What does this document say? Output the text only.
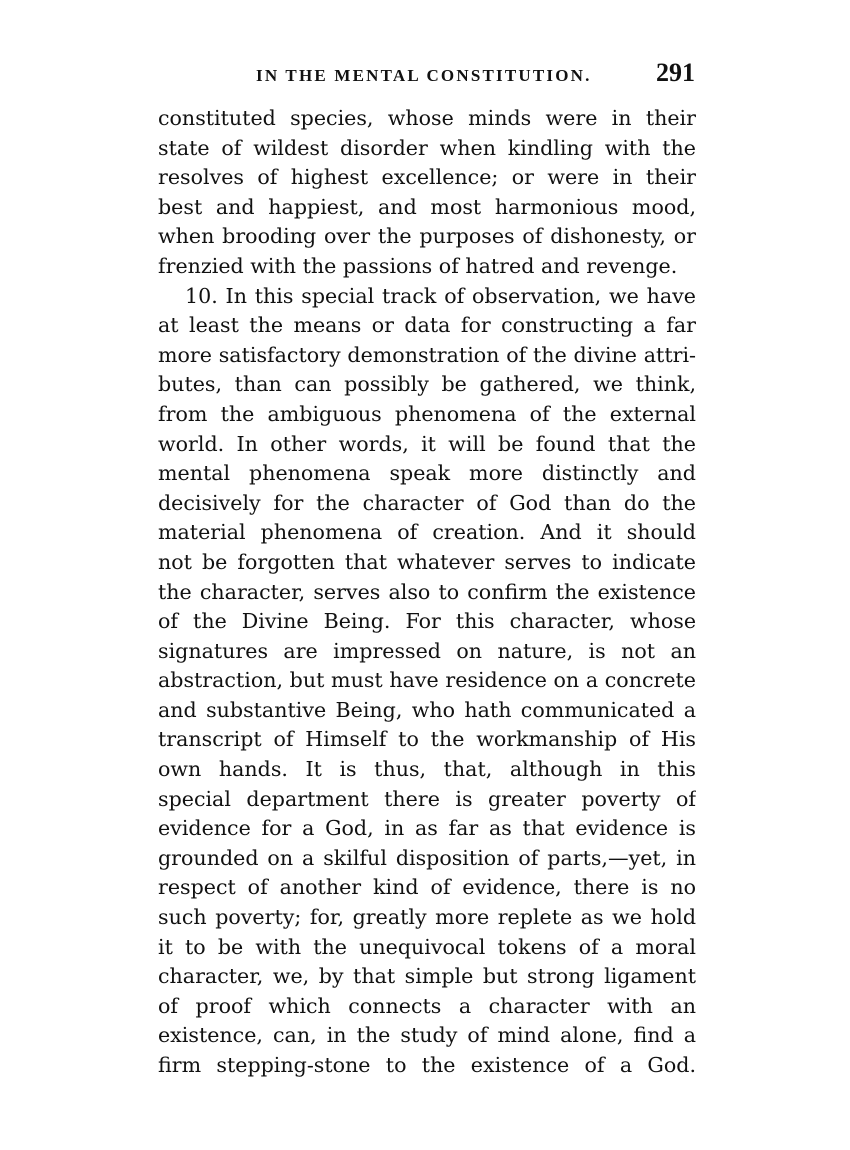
IN THE MENTAL CONSTITUTION. 291
constituted species, whose minds were in their
state of wildest disorder when kindling with the
resolves of highest excellence; or were in their
best and happiest, and most harmonious mood,
when brooding over the purposes of dishonesty, or
frenzied with the passions of hatred and revenge.
10. In this special track of observation, we have
at least the means or data for constructing a far
more satisfactory demonstration of the divine attri-
butes, than can possibly be gathered, we think,
from the ambiguous phenomena of the external
world. In other words, it will be found that the
mental phenomena speak more distinctly and
decisively for the character of God than do the
material phenomena of creation. And it should
not be forgotten that whatever serves to indicate
the character, serves also to confirm the existence
of the Divine Being. For this character, whose
signatures are impressed on nature, is not an
abstraction, but must have residence on a concrete
and substantive Being, who hath communicated a
transcript of Himself to the workmanship of His
own hands. It is thus, that, although in this
special department there is greater poverty of
evidence for a God, in as far as that evidence is
grounded on a skilful disposition of parts,—yet, in
respect of another kind of evidence, there is no
such poverty; for, greatly more replete as we hold
it to be with the unequivocal tokens of a moral
character, we, by that simple but strong ligament
of proof which connects a character with an
existence, can, in the study of mind alone, find a
firm stepping-stone to the existence of a God.
